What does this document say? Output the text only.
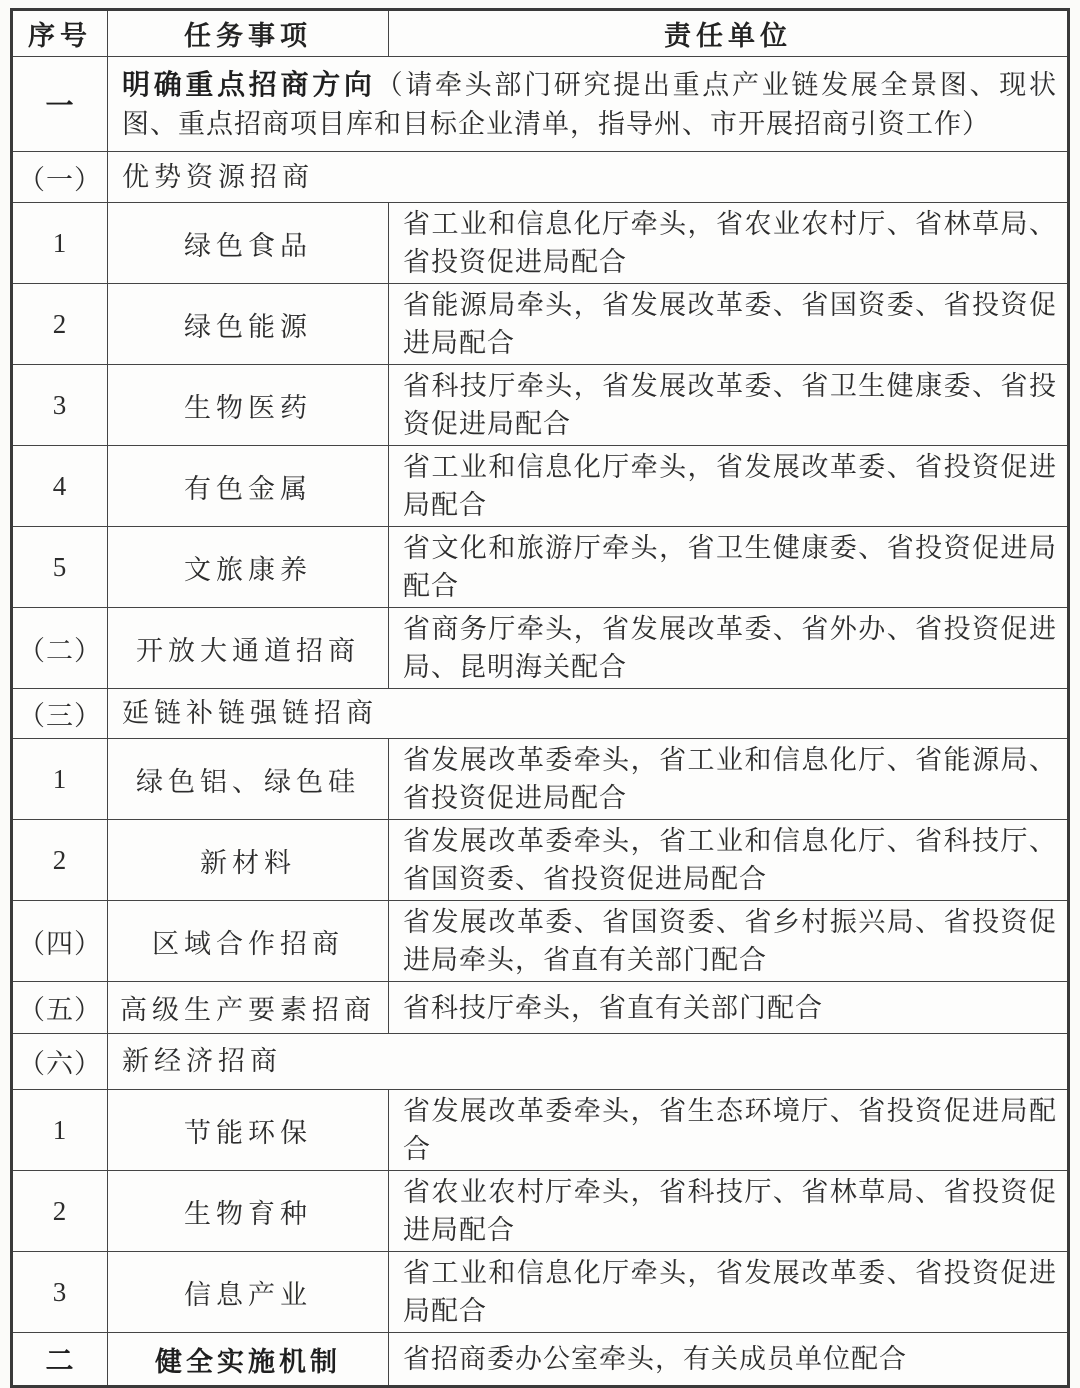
序号	任务事项	责任单位
一	明确重点招商方向（请牵头部门研究提出重点产业链发展全景图、现状图、重点招商项目库和目标企业清单，指导州、市开展招商引资工作）	
（一）	优势资源招商	
1	绿色食品	省工业和信息化厅牵头，省农业农村厅、省林草局、省投资促进局配合
2	绿色能源	省能源局牵头，省发展改革委、省国资委、省投资促进局配合
3	生物医药	省科技厅牵头，省发展改革委、省卫生健康委、省投资促进局配合
4	有色金属	省工业和信息化厅牵头，省发展改革委、省投资促进局配合
5	文旅康养	省文化和旅游厅牵头，省卫生健康委、省投资促进局配合
（二）	开放大通道招商	省商务厅牵头，省发展改革委、省外办、省投资促进局、昆明海关配合
（三）	延链补链强链招商	
1	绿色铝、绿色硅	省发展改革委牵头，省工业和信息化厅、省能源局、省投资促进局配合
2	新材料	省发展改革委牵头，省工业和信息化厅、省科技厅、省国资委、省投资促进局配合
（四）	区域合作招商	省发展改革委、省国资委、省乡村振兴局、省投资促进局牵头，省直有关部门配合
（五）	高级生产要素招商	省科技厅牵头，省直有关部门配合
（六）	新经济招商	
1	节能环保	省发展改革委牵头，省生态环境厅、省投资促进局配合
2	生物育种	省农业农村厅牵头，省科技厅、省林草局、省投资促进局配合
3	信息产业	省工业和信息化厅牵头，省发展改革委、省投资促进局配合
二	健全实施机制	省招商委办公室牵头，有关成员单位配合
